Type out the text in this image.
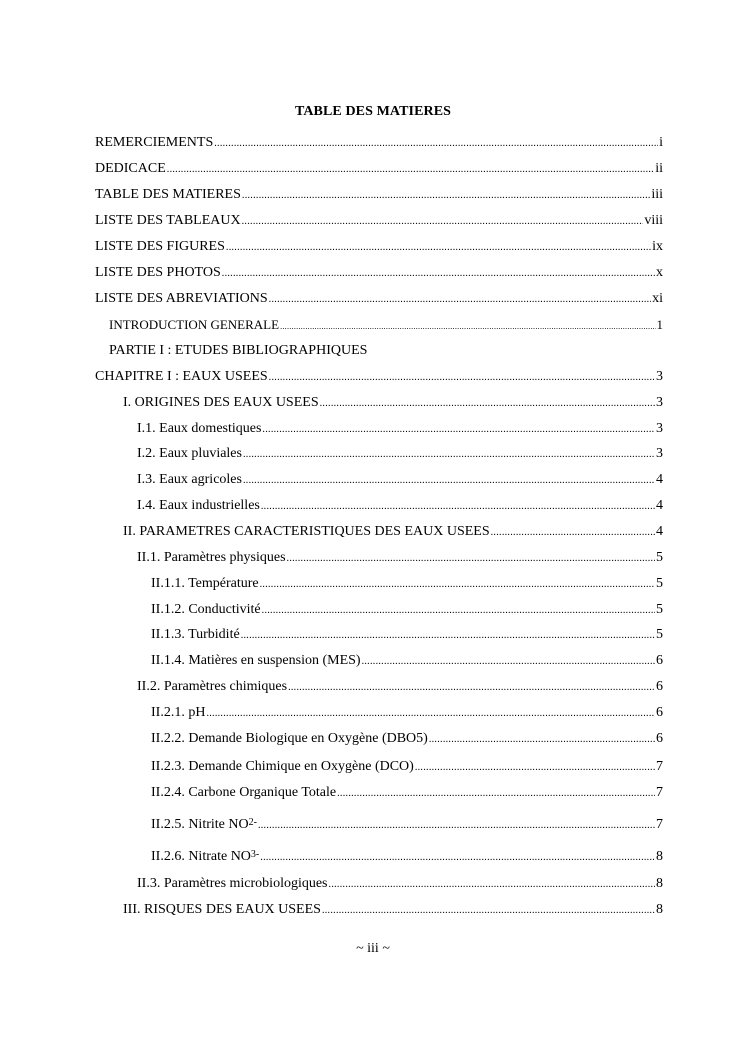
TABLE DES MATIERES
REMERCIEMENTS .....	i
DEDICACE .....	ii
TABLE DES MATIERES .....	iii
LISTE DES TABLEAUX .....	viii
LISTE DES FIGURES .....	ix
LISTE DES PHOTOS .....	x
LISTE DES ABREVIATIONS .....	xi
INTRODUCTION GENERALE .....	1
PARTIE I : ETUDES BIBLIOGRAPHIQUES
CHAPITRE I : EAUX USEES .....	3
I. ORIGINES DES EAUX USEES .....	3
I.1. Eaux domestiques .....	3
I.2. Eaux pluviales .....	3
I.3. Eaux agricoles .....	4
I.4. Eaux industrielles .....	4
II. PARAMETRES CARACTERISTIQUES DES EAUX USEES .....	4
II.1. Paramètres physiques .....	5
II.1.1. Température .....	5
II.1.2. Conductivité .....	5
II.1.3. Turbidité .....	5
II.1.4. Matières en suspension (MES) .....	6
II.2. Paramètres chimiques .....	6
II.2.1. pH .....	6
II.2.2. Demande Biologique en Oxygène (DBO5) .....	6
II.2.3. Demande Chimique en Oxygène (DCO) .....	7
II.2.4. Carbone Organique Totale .....	7
II.2.5. Nitrite $NO^{2-}$ .....	7
II.2.6. Nitrate $NO^{3-}$ .....	8
II.3. Paramètres microbiologiques .....	8
III. RISQUES DES EAUX USEES .....	8
~ iii ~
